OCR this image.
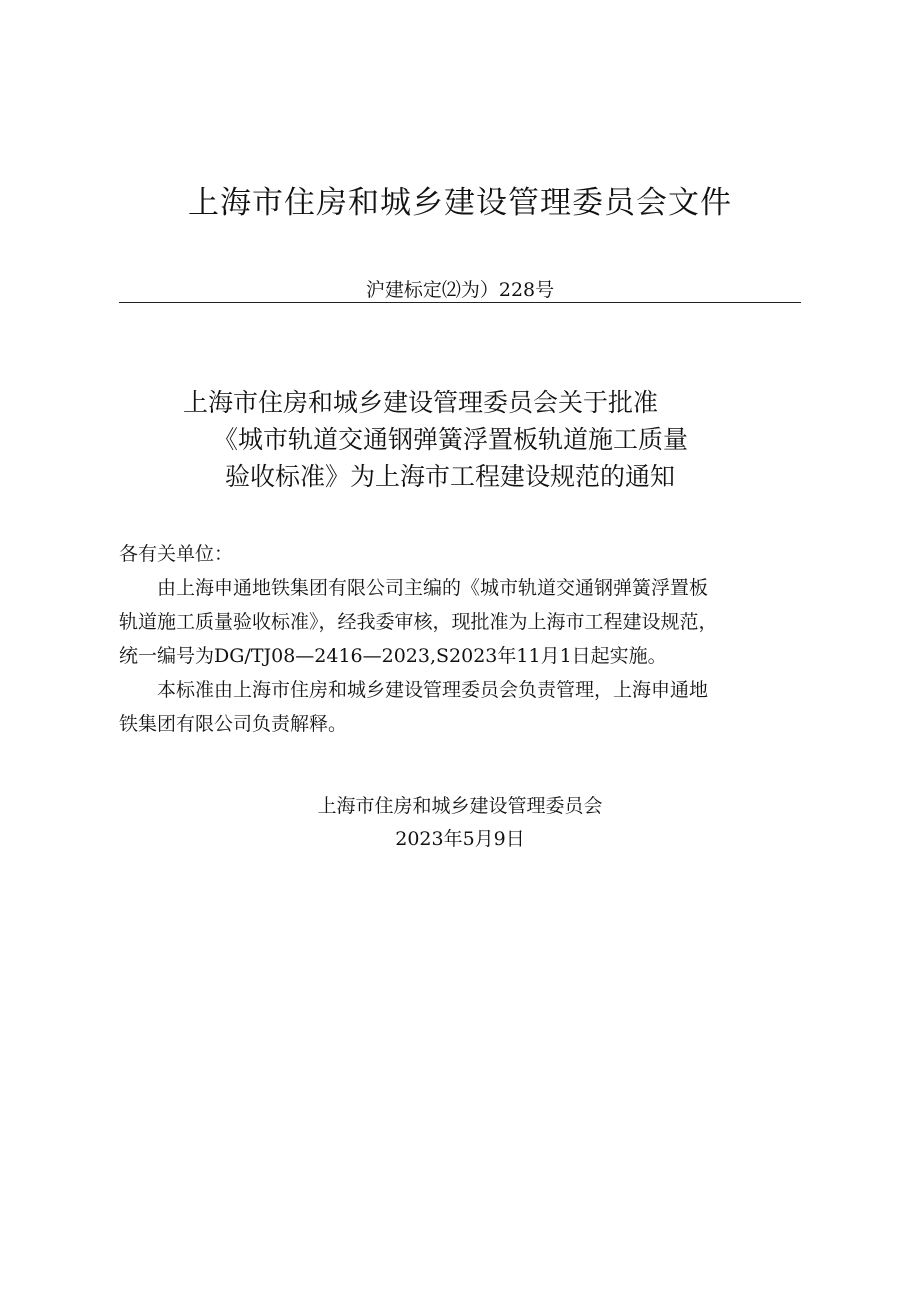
上海市住房和城乡建设管理委员会文件
沪建标定⑵为）228号
上海市住房和城乡建设管理委员会关于批准
《城市轨道交通钢弹簧浮置板轨道施工质量
验收标准》为上海市工程建设规范的通知
各有关单位：
由上海申通地铁集团有限公司主编的《城市轨道交通钢弹簧浮置板
轨道施工质量验收标准》，经我委审核，现批准为上海市工程建设规范，
统一编号为DG/TJ08—2416—2023,S2023年11月1日起实施。
本标准由上海市住房和城乡建设管理委员会负责管理，上海申通地
铁集团有限公司负责解释。
上海市住房和城乡建设管理委员会
2023年5月9日
